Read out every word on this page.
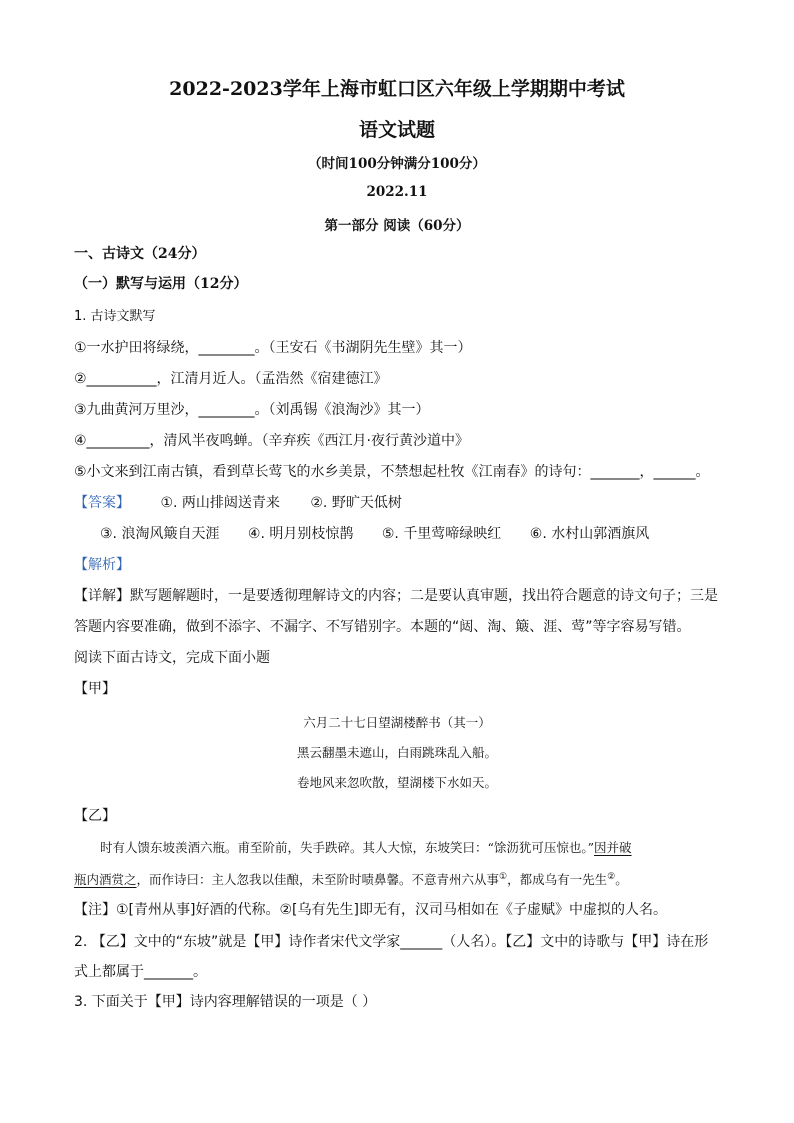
2022-2023学年上海市虹口区六年级上学期期中考试
语文试题
（时间100分钟满分100分）
2022.11
第一部分 阅读（60分）
一、古诗文（24分）
（一）默写与运用（12分）
1. 古诗文默写
①一水护田将绿绕，________。（王安石《书湖阴先生壁》其一）
②__________，江清月近人。（孟浩然《宿建德江》
③九曲黄河万里沙，________。（刘禹锡《浪淘沙》其一）
④_________，清风半夜鸣蝉。（辛弃疾《西江月·夜行黄沙道中》
⑤小文来到江南古镇，看到草长莺飞的水乡美景，不禁想起杜牧《江南春》的诗句：_______，______。
【答案】 ①. 两山排闼送青来 ②. 野旷天低树
③. 浪淘风簸自天涯 ④. 明月别枝惊鹊 ⑤. 千里莺啼绿映红 ⑥. 水村山郭酒旗风
【解析】
【详解】默写题解题时，一是要透彻理解诗文的内容；二是要认真审题，找出符合题意的诗文句子；三是
答题内容要准确，做到不添字、不漏字、不写错别字。本题的“闼、淘、簸、涯、莺”等字容易写错。
阅读下面古诗文，完成下面小题
【甲】
六月二十七日望湖楼醉书（其一）
黑云翻墨未遮山，白雨跳珠乱入船。
卷地风来忽吹散，望湖楼下水如天。
【乙】
时有人馈东坡羡酒六瓶。甫至阶前，失手跌碎。其人大惊，东坡笑曰：“馀沥犹可压惊也。”因并破
瓶内酒赏之，而作诗曰：主人忽我以佳酿，未至阶时啧鼻馨。不意青州六从事①，都成乌有一先生②。
【注】①[青州从事]好酒的代称。②[乌有先生]即无有，汉司马相如在《子虚赋》中虚拟的人名。
2. 【乙】文中的“东坡”就是【甲】诗作者宋代文学家______（人名）。【乙】文中的诗歌与【甲】诗在形
式上都属于_______。
3. 下面关于【甲】诗内容理解错误的一项是（ ）
